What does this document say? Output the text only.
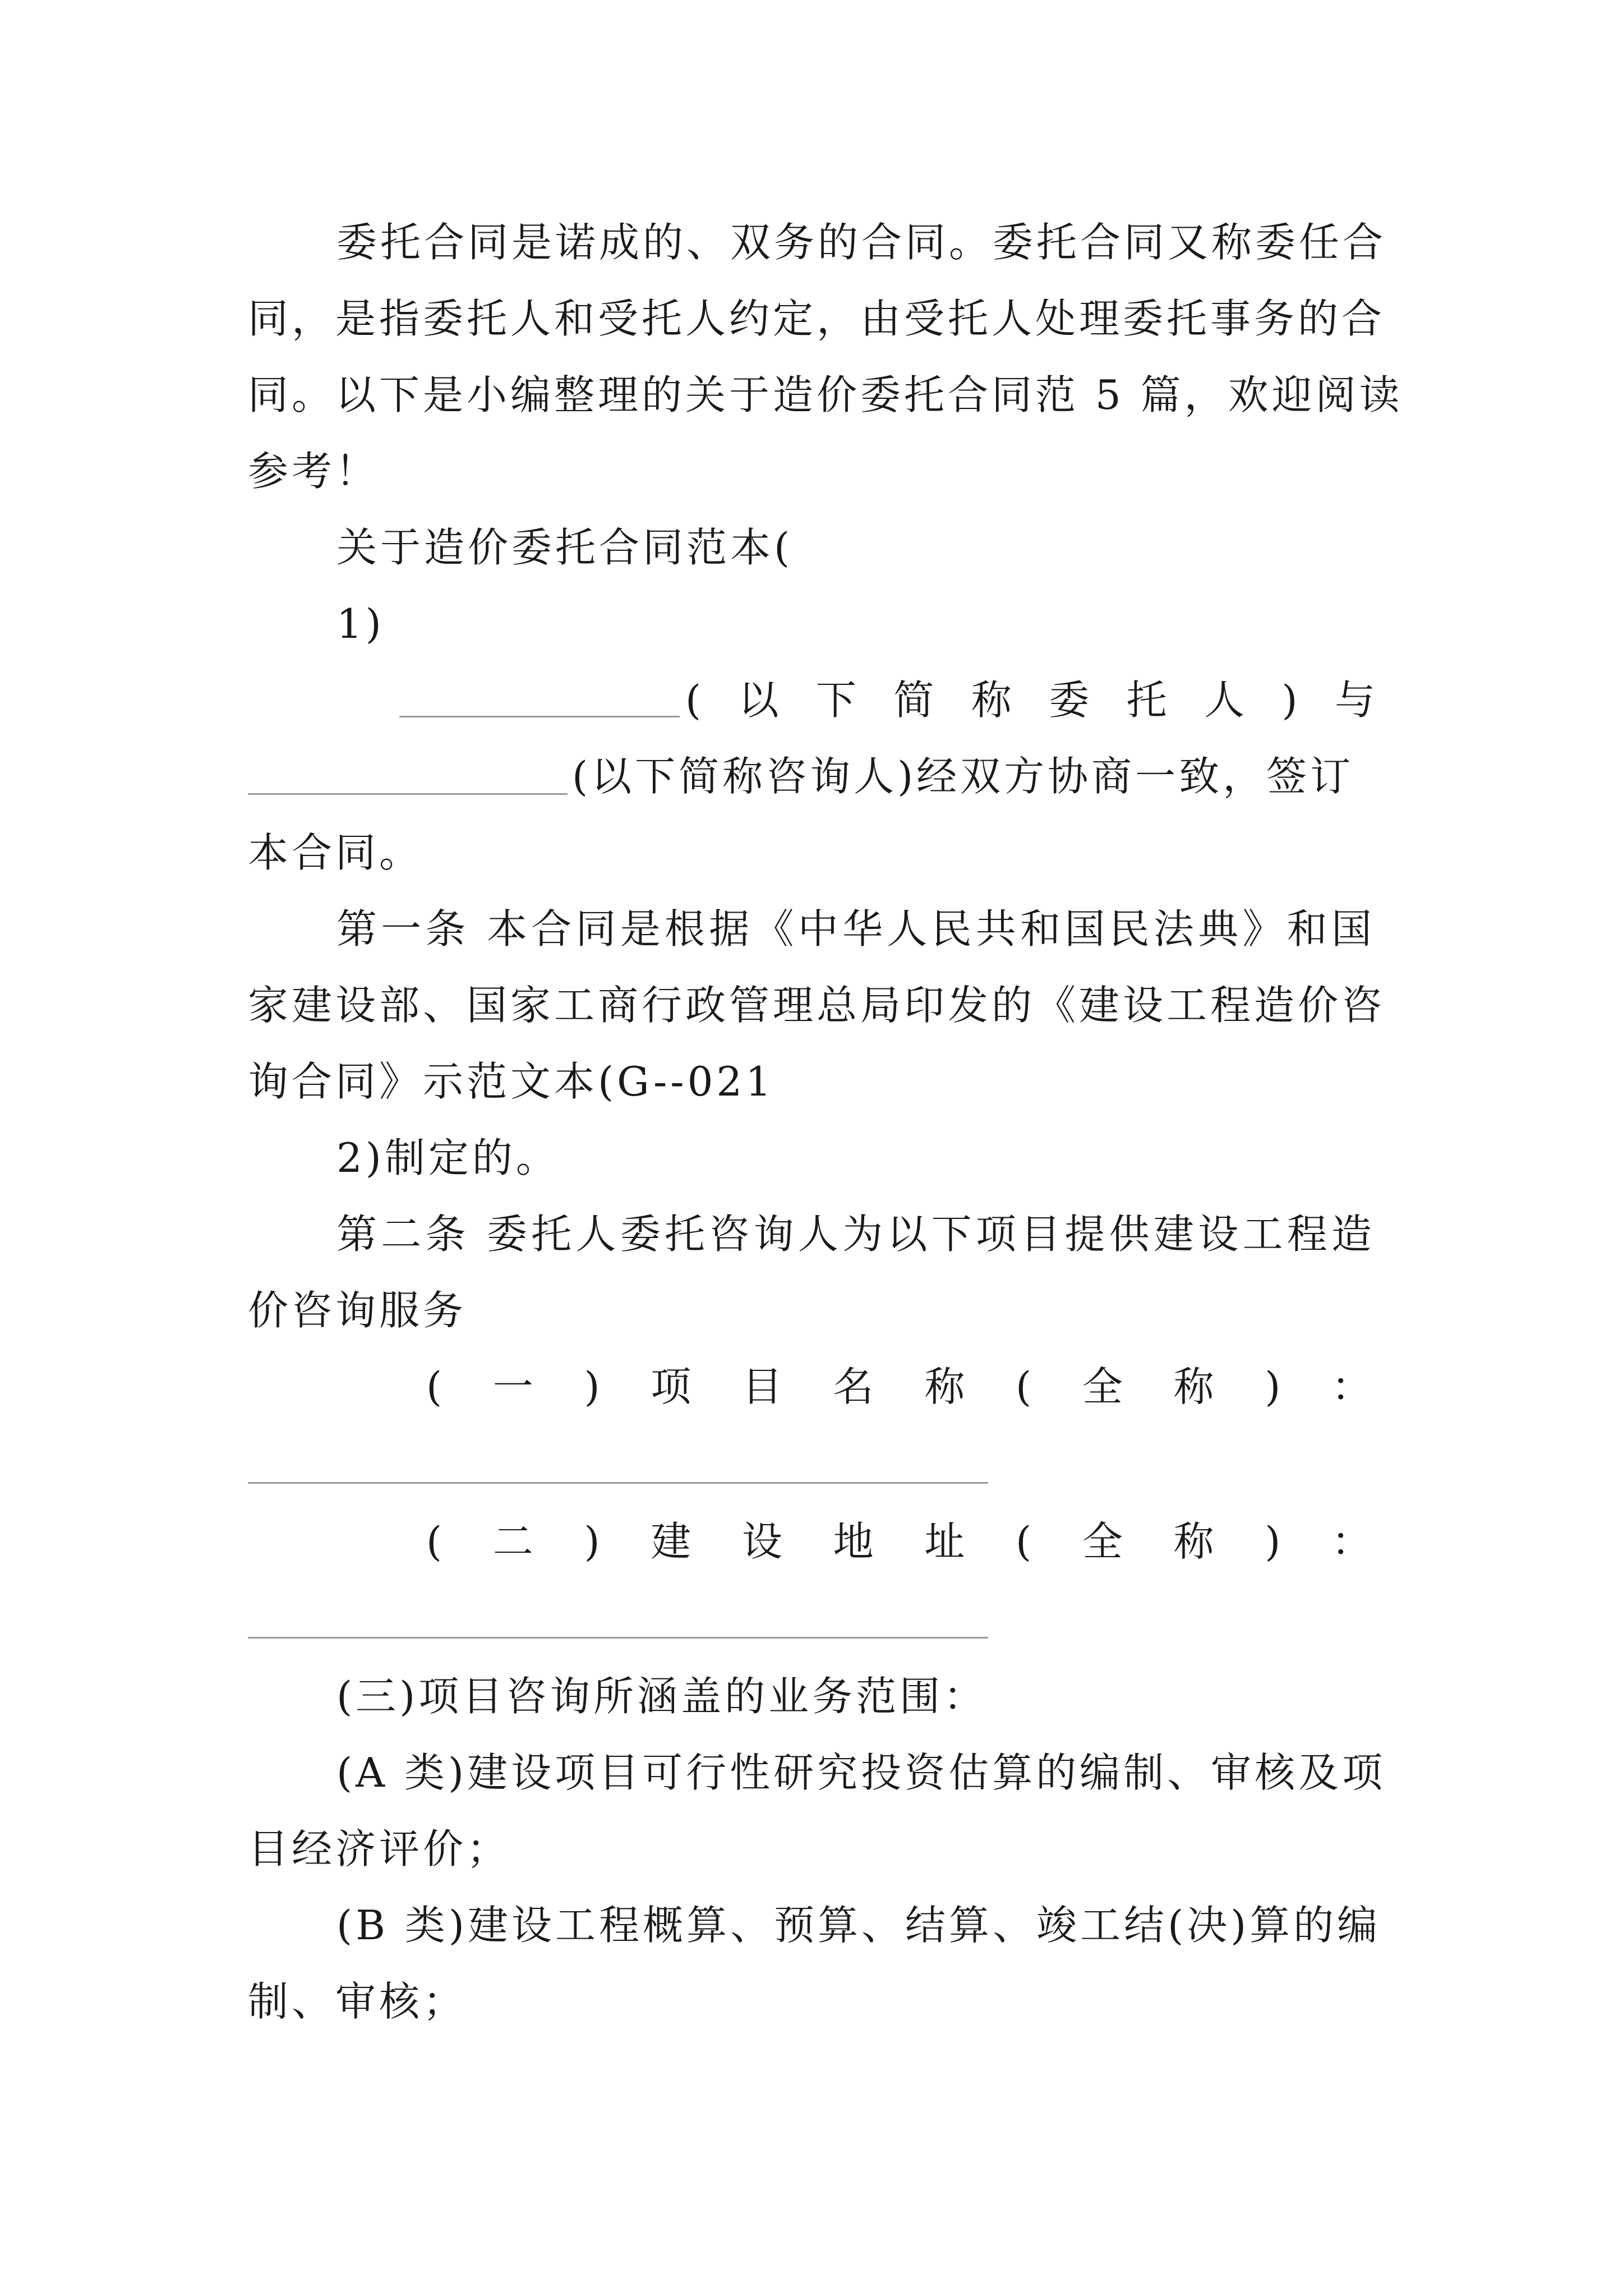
委托合同是诺成的、双务的合同。委托合同又称委任合
同，是指委托人和受托人约定，由受托人处理委托事务的合
同。以下是小编整理的关于造价委托合同范 5 篇，欢迎阅读
参考！
关于造价委托合同范本(
1)
(以下简称委托人)与
(以下简称咨询人)经双方协商一致，签订
本合同。
第一条 本合同是根据《中华人民共和国民法典》和国
家建设部、国家工商行政管理总局印发的《建设工程造价咨
询合同》示范文本(G--021
2)制定的。
第二条 委托人委托咨询人为以下项目提供建设工程造
价咨询服务
(一)项目名称(全称)：
(二)建设地址(全称)：
(三)项目咨询所涵盖的业务范围：
(A 类)建设项目可行性研究投资估算的编制、审核及项
目经济评价；
(B 类)建设工程概算、预算、结算、竣工结(决)算的编
制、审核；
